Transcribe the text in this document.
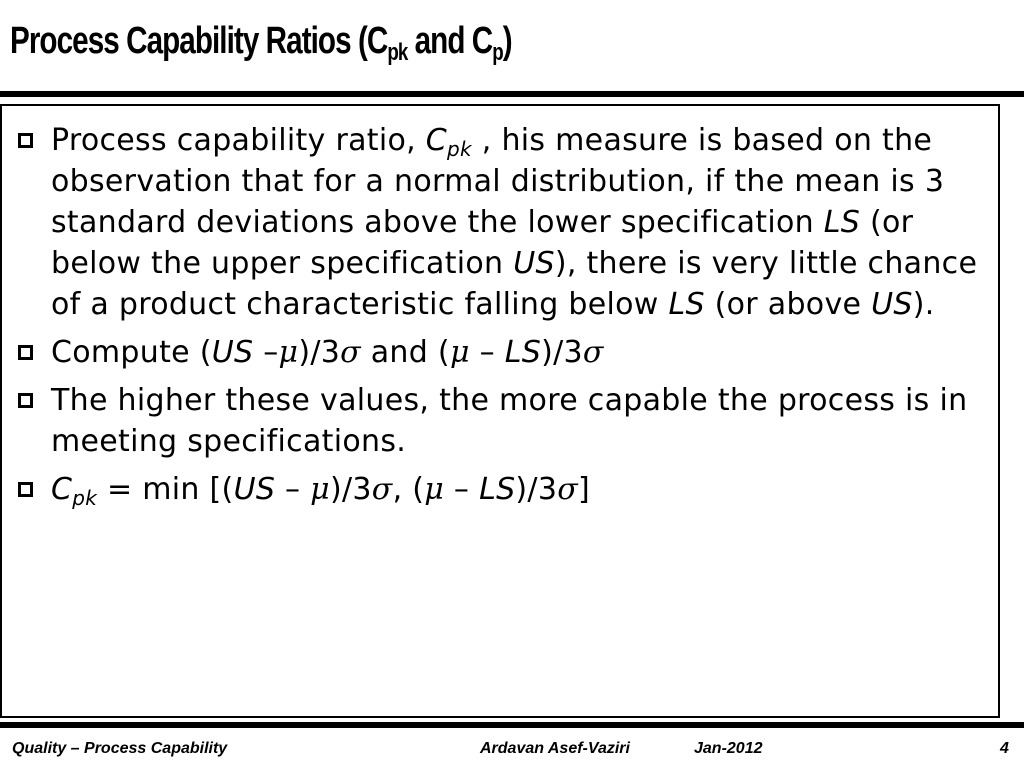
Process Capability Ratios ($C_{pk}$ and $C_p$)
Process capability ratio, $C_{pk}$ , his measure is based on the observation that for a normal distribution, if the mean is 3 standard deviations above the lower specification LS (or below the upper specification US), there is very little chance of a product characteristic falling below LS (or above US).
Compute (US –μ)/3σ and (μ – LS)/3σ
The higher these values, the more capable the process is in meeting specifications.
$C_{pk} = \min [(US - \mu)/3\sigma$, (μ – LS)/3σ]
Quality – Process Capability	Ardavan Asef-Vaziri	Jan-2012	4
